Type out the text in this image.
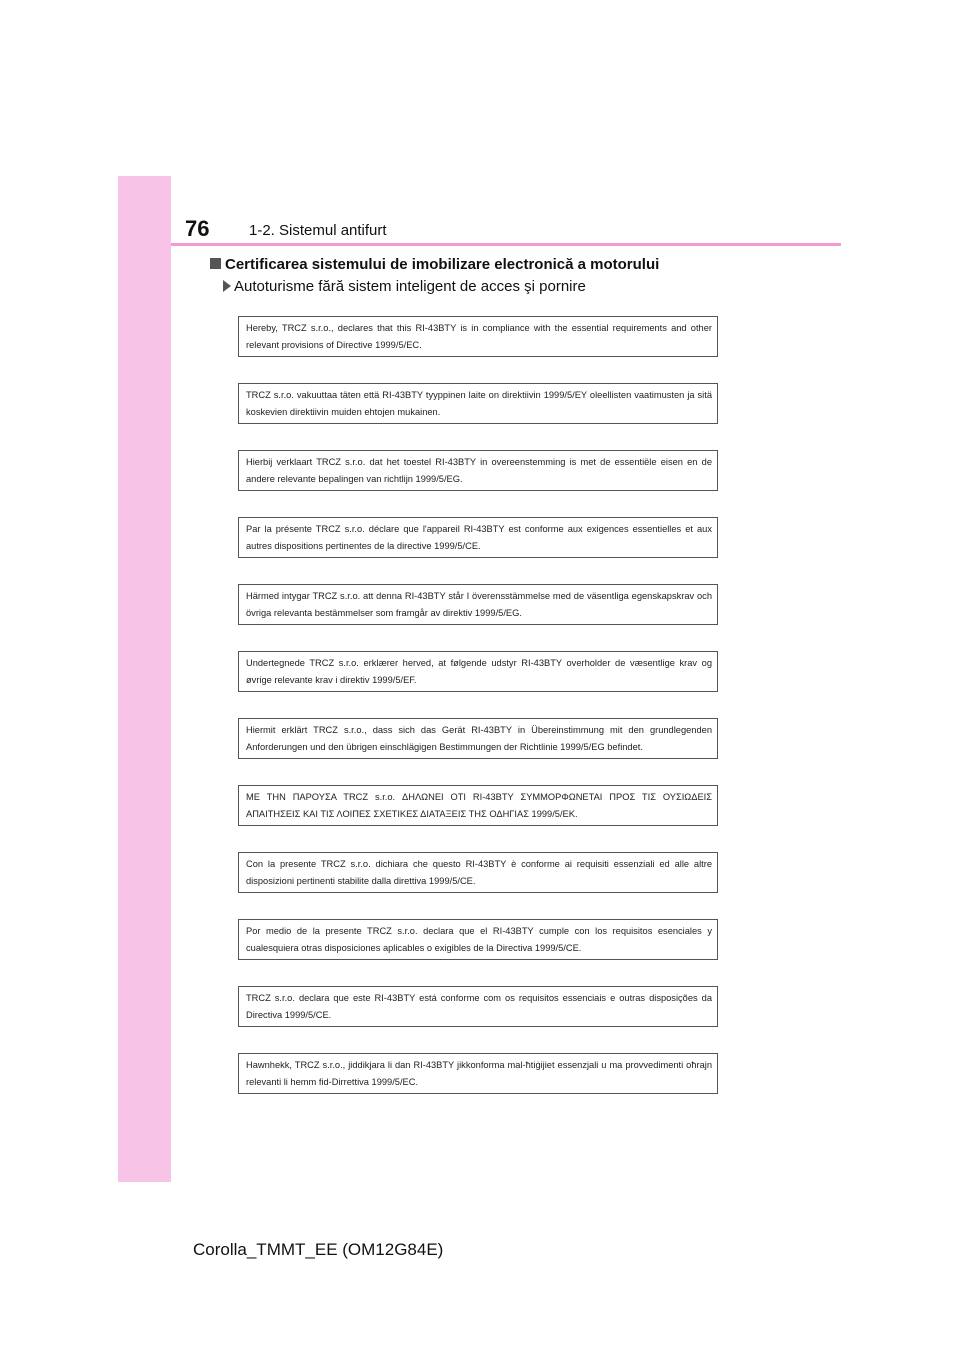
76	1-2. Sistemul antifurt
Certificarea sistemului de imobilizare electronică a motorului
Autoturisme fără sistem inteligent de acces şi pornire
Hereby, TRCZ s.r.o., declares that this RI-43BTY is in compliance with the essential requirements and other relevant provisions of Directive 1999/5/EC.
TRCZ s.r.o. vakuuttaa täten että RI-43BTY tyyppinen laite on direktiivin 1999/5/EY oleellisten vaatimusten ja sitä koskevien direktiivin muiden ehtojen mukainen.
Hierbij verklaart TRCZ s.r.o. dat het toestel RI-43BTY in overeenstemming is met de essentiële eisen en de andere relevante bepalingen van richtlijn 1999/5/EG.
Par la présente TRCZ s.r.o. déclare que l'appareil RI-43BTY est conforme aux exigences essentielles et aux autres dispositions pertinentes de la directive 1999/5/CE.
Härmed intygar TRCZ s.r.o. att denna RI-43BTY står I överensstämmelse med de väsentliga egenskapskrav och övriga relevanta bestämmelser som framgår av direktiv 1999/5/EG.
Undertegnede TRCZ s.r.o. erklærer herved, at følgende udstyr RI-43BTY overholder de væsentlige krav og øvrige relevante krav i direktiv 1999/5/EF.
Hiermit erklärt TRCZ s.r.o., dass sich das Gerät RI-43BTY in Übereinstimmung mit den grundlegenden Anforderungen und den übrigen einschlägigen Bestimmungen der Richtlinie 1999/5/EG befindet.
ΜΕ ΤΗΝ ΠΑΡΟΥΣΑ TRCZ s.r.o. ΔΗΛΩΝΕΙ ΟΤΙ RI-43BTY ΣΥΜΜΟΡΦΩΝΕΤΑΙ ΠΡΟΣ ΤΙΣ ΟΥΣΙΩΔΕΙΣ ΑΠΑΙΤΗΣΕΙΣ ΚΑΙ ΤΙΣ ΛΟΙΠΕΣ ΣΧΕΤΙΚΕΣ ΔΙΑΤΑΞΕΙΣ ΤΗΣ ΟΔΗΓΙΑΣ 1999/5/ΕΚ.
Con la presente TRCZ s.r.o. dichiara che questo RI-43BTY è conforme ai requisiti essenziali ed alle altre disposizioni pertinenti stabilite dalla direttiva 1999/5/CE.
Por medio de la presente TRCZ s.r.o. declara que el RI-43BTY cumple con los requisitos esenciales y cualesquiera otras disposiciones aplicables o exigibles de la Directiva 1999/5/CE.
TRCZ s.r.o. declara que este RI-43BTY está conforme com os requisitos essenciais e outras disposições da Directiva 1999/5/CE.
Hawnhekk, TRCZ s.r.o., jiddikjara li dan RI-43BTY jikkonforma mal-ħtiġijiet essenzjali u ma provvedimenti oħrajn relevanti li hemm fid-Dirrettiva 1999/5/EC.
Corolla_TMMT_EE (OM12G84E)
